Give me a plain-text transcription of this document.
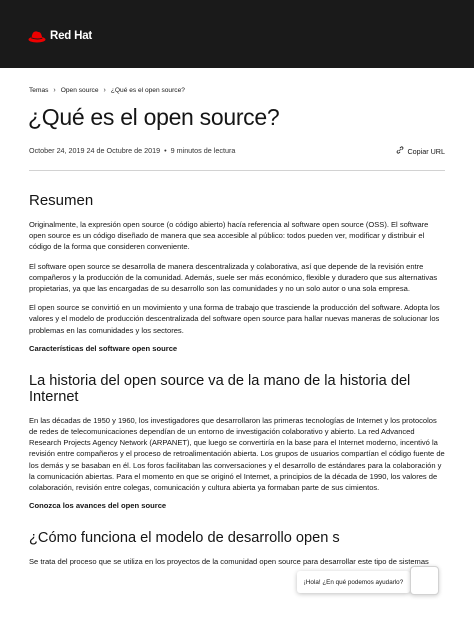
Red Hat
Temas › Open source › ¿Qué es el open source?
¿Qué es el open source?
October 24, 2019 24 de Octubre de 2019 • 9 minutos de lectura	Copiar URL
Resumen

Originalmente, la expresión open source (o código abierto) hacía referencia al software open source (OSS). El software open source es un código diseñado de manera que sea accesible al público: todos pueden ver, modificar y distribuir el código de la forma que consideren conveniente.

El software open source se desarrolla de manera descentralizada y colaborativa, así que depende de la revisión entre compañeros y la producción de la comunidad. Además, suele ser más económico, flexible y duradero que sus alternativas propietarias, ya que las encargadas de su desarrollo son las comunidades y no un solo autor o una sola empresa.

El open source se convirtió en un movimiento y una forma de trabajo que trasciende la producción del software. Adopta los valores y el modelo de producción descentralizada del software open source para hallar nuevas maneras de solucionar los problemas en las comunidades y los sectores.

Características del software open source
La historia del open source va de la mano de la historia del Internet

En las décadas de 1950 y 1960, los investigadores que desarrollaron las primeras tecnologías de Internet y los protocolos de redes de telecomunicaciones dependían de un entorno de investigación colaborativo y abierto. La red Advanced Research Projects Agency Network (ARPANET), que luego se convertiría en la base para el Internet moderno, incentivó la revisión entre compañeros y el proceso de retroalimentación abierta. Los grupos de usuarios compartían el código fuente de los demás y se basaban en él. Los foros facilitaban las conversaciones y el desarrollo de estándares para la colaboración y la comunicación abiertas. Para el momento en que se originó el Internet, a principios de la década de 1990, los valores de colaboración, revisión entre colegas, comunicación y cultura abierta ya formaban parte de sus cimientos.

Conozca los avances del open source
¿Cómo funciona el modelo de desarrollo open s

Se trata del proceso que se utiliza en los proyectos de la comunidad open source para desarrollar este tipo de sistemas

¡Hola! ¿En qué podemos ayudarlo?
